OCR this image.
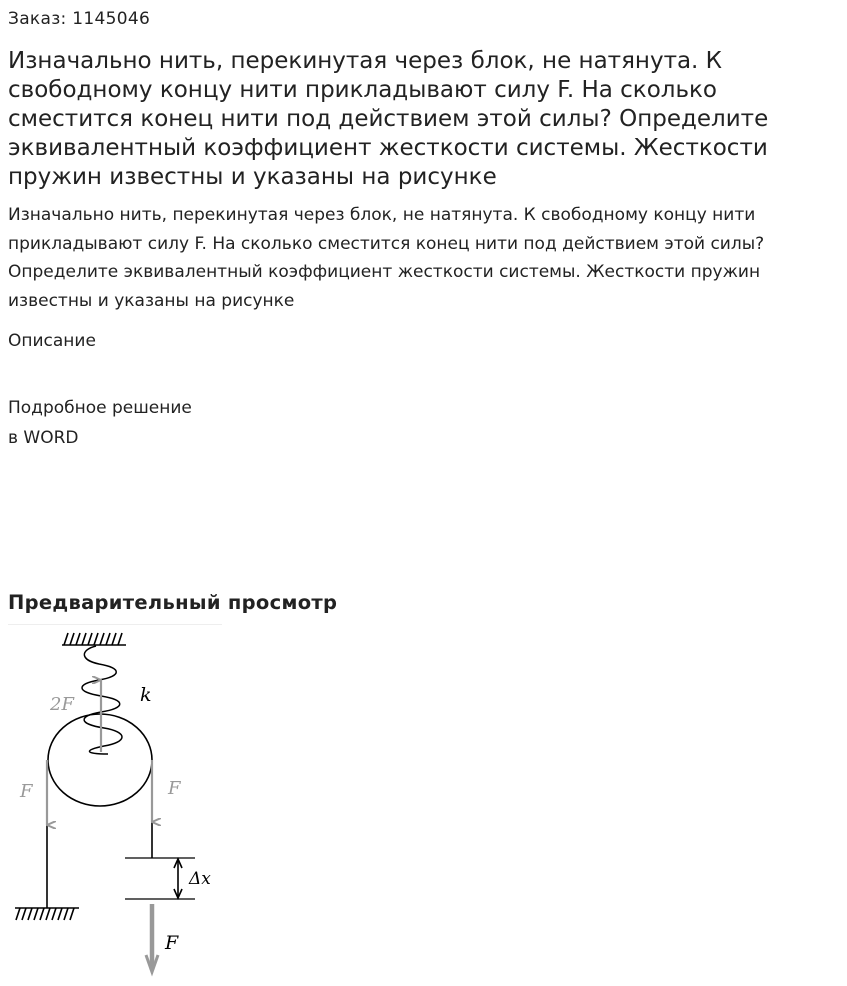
Заказ: 1145046
Изначально нить, перекинутая через блок, не натянута. К свободному концу нити прикладывают силу F. На сколько сместится конец нити под действием этой силы? Определите эквивалентный коэффициент жесткости системы. Жесткости пружин известны и указаны на рисунке

Изначально нить, перекинутая через блок, не натянута. К свободному концу нити прикладывают силу F. На сколько сместится конец нити под действием этой силы? Определите эквивалентный коэффициент жесткости системы. Жесткости пружин известны и указаны на рисунке

Описание
Подробное решение
в WORD
Предварительный просмотр
2F	k
F	F
Δx
F
